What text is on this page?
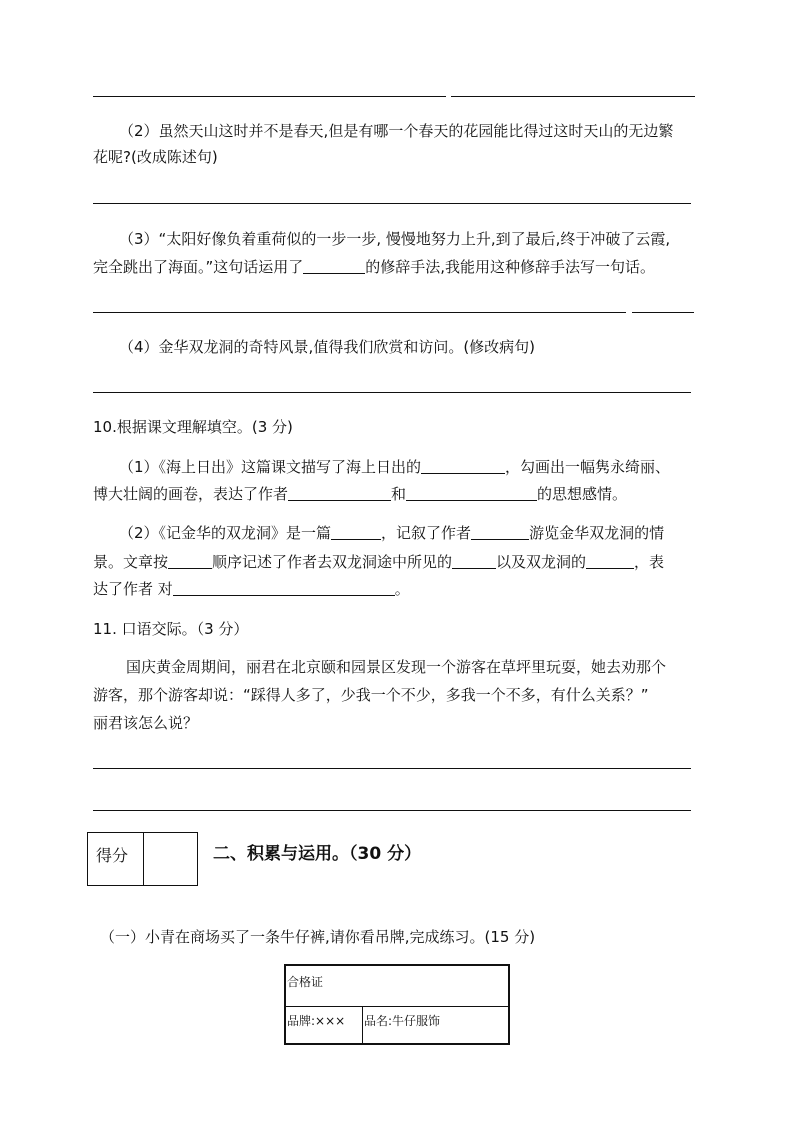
（2）虽然天山这时并不是春天,但是有哪一个春天的花园能比得过这时天山的无边繁
花呢?(改成陈述句)
（3）“太阳好像负着重荷似的一步一步, 慢慢地努力上升,到了最后,终于冲破了云霞,
完全跳出了海面。”这句话运用了	的修辞手法,我能用这种修辞手法写一句话。
（4）金华双龙洞的奇特风景,值得我们欣赏和访问。(修改病句)
10.根据课文理解填空。(3 分)
（1）《海上日出》这篇课文描写了海上日出的	，勾画出一幅隽永绮丽、
博大壮阔的画卷，表达了作者	和	的思想感情。
（2）《记金华的双龙洞》是一篇	，记叙了作者	游览金华双龙洞的情
景。文章按	顺序记述了作者去双龙洞途中所见的	以及双龙洞的	，表
达了作者 对	。
11. 口语交际。（3 分）
国庆黄金周期间，丽君在北京颐和园景区发现一个游客在草坪里玩耍，她去劝那个
游客，那个游客却说：“踩得人多了，少我一个不少，多我一个不多，有什么关系？”
丽君该怎么说？
得分	二、积累与运用。（30 分）
（一）小青在商场买了一条牛仔裤,请你看吊牌,完成练习。(15 分)
合格证
品牌:××× 品名:牛仔服饰
